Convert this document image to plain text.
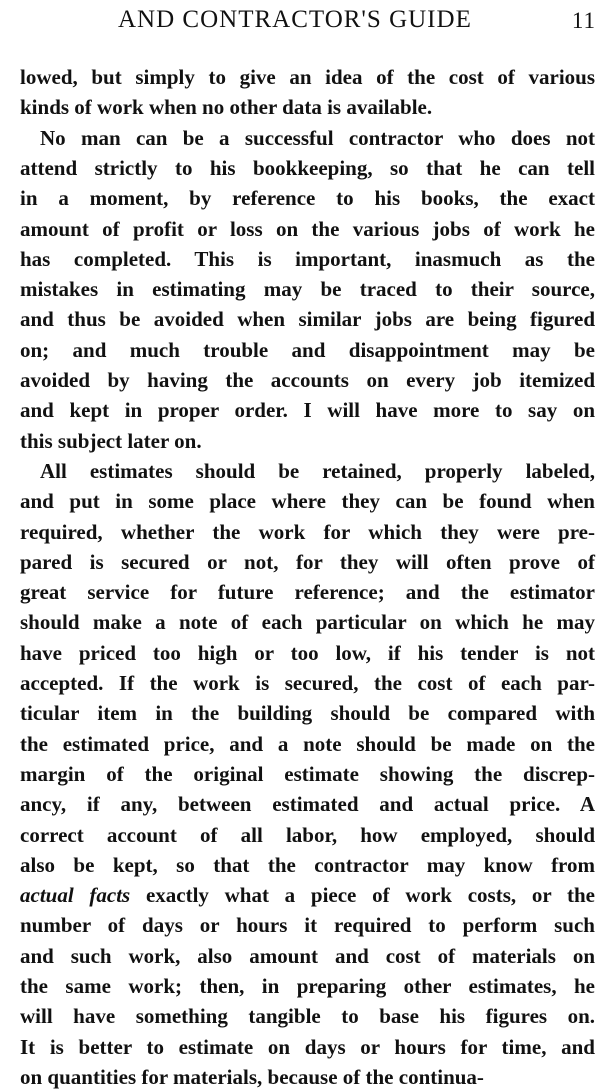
AND CONTRACTOR'S GUIDE	11
lowed, but simply to give an idea of the cost of various
kinds of work when no other data is available.
No man can be a successful contractor who does not
attend strictly to his bookkeeping, so that he can tell
in a moment, by reference to his books, the exact
amount of profit or loss on the various jobs of work he
has completed. This is important, inasmuch as the
mistakes in estimating may be traced to their source,
and thus be avoided when similar jobs are being figured
on; and much trouble and disappointment may be
avoided by having the accounts on every job itemized
and kept in proper order. I will have more to say on
this subject later on.
All estimates should be retained, properly labeled,
and put in some place where they can be found when
required, whether the work for which they were pre-
pared is secured or not, for they will often prove of
great service for future reference; and the estimator
should make a note of each particular on which he may
have priced too high or too low, if his tender is not
accepted. If the work is secured, the cost of each par-
ticular item in the building should be compared with
the estimated price, and a note should be made on the
margin of the original estimate showing the discrep-
ancy, if any, between estimated and actual price. A
correct account of all labor, how employed, should
also be kept, so that the contractor may know from
actual facts exactly what a piece of work costs, or the
number of days or hours it required to perform such
and such work, also amount and cost of materials on
the same work; then, in preparing other estimates, he
will have something tangible to base his figures on.
It is better to estimate on days or hours for time, and
on quantities for materials, because of the continua-
